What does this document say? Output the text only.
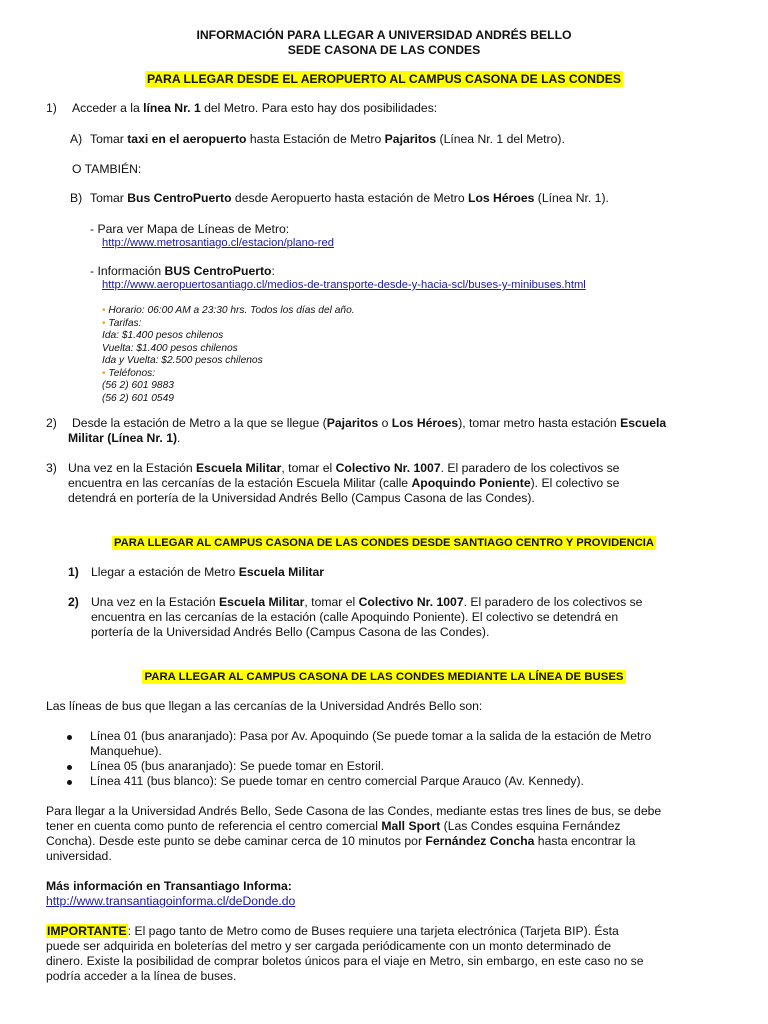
INFORMACIÓN PARA LLEGAR A UNIVERSIDAD ANDRÉS BELLO
SEDE CASONA DE LAS CONDES
PARA LLEGAR DESDE EL AEROPUERTO AL CAMPUS CASONA DE LAS CONDES
1) Acceder a la línea Nr. 1 del Metro. Para esto hay dos posibilidades:
A) Tomar taxi en el aeropuerto hasta Estación de Metro Pajaritos (Línea Nr. 1 del Metro).
O TAMBIÉN:
B) Tomar Bus CentroPuerto desde Aeropuerto hasta estación de Metro Los Héroes (Línea Nr. 1).
- Para ver Mapa de Líneas de Metro:
http://www.metrosantiago.cl/estacion/plano-red
- Información BUS CentroPuerto:
http://www.aeropuertosantiago.cl/medios-de-transporte-desde-y-hacia-scl/buses-y-minibuses.html
• Horario: 06:00 AM a 23:30 hrs. Todos los días del año.
• Tarifas:
Ida: $1.400 pesos chilenos
Vuelta: $1.400 pesos chilenos
Ida y Vuelta: $2.500 pesos chilenos
• Teléfonos:
(56 2) 601 9883
(56 2) 601 0549
2) Desde la estación de Metro a la que se llegue (Pajaritos o Los Héroes), tomar metro hasta estación Escuela
Militar (Línea Nr. 1).
3) Una vez en la Estación Escuela Militar, tomar el Colectivo Nr. 1007. El paradero de los colectivos se
encuentra en las cercanías de la estación Escuela Militar (calle Apoquindo Poniente). El colectivo se
detendrá en portería de la Universidad Andrés Bello (Campus Casona de las Condes).
PARA LLEGAR AL CAMPUS CASONA DE LAS CONDES DESDE SANTIAGO CENTRO Y PROVIDENCIA
1) Llegar a estación de Metro Escuela Militar
2) Una vez en la Estación Escuela Militar, tomar el Colectivo Nr. 1007. El paradero de los colectivos se
encuentra en las cercanías de la estación (calle Apoquindo Poniente). El colectivo se detendrá en
portería de la Universidad Andrés Bello (Campus Casona de las Condes).
PARA LLEGAR AL CAMPUS CASONA DE LAS CONDES MEDIANTE LA LÍNEA DE BUSES
Las líneas de bus que llegan a las cercanías de la Universidad Andrés Bello son:
Línea 01 (bus anaranjado): Pasa por Av. Apoquindo (Se puede tomar a la salida de la estación de Metro
Manquehue).
Línea 05 (bus anaranjado): Se puede tomar en Estoril.
Línea 411 (bus blanco): Se puede tomar en centro comercial Parque Arauco (Av. Kennedy).
Para llegar a la Universidad Andrés Bello, Sede Casona de las Condes, mediante estas tres lines de bus, se debe
tener en cuenta como punto de referencia el centro comercial Mall Sport (Las Condes esquina Fernández
Concha). Desde este punto se debe caminar cerca de 10 minutos por Fernández Concha hasta encontrar la
universidad.
Más información en Transantiago Informa:
http://www.transantiagoinforma.cl/deDonde.do
IMPORTANTE: El pago tanto de Metro como de Buses requiere una tarjeta electrónica (Tarjeta BIP). Ésta
puede ser adquirida en boleterías del metro y ser cargada periódicamente con un monto determinado de
dinero. Existe la posibilidad de comprar boletos únicos para el viaje en Metro, sin embargo, en este caso no se
podría acceder a la línea de buses.
